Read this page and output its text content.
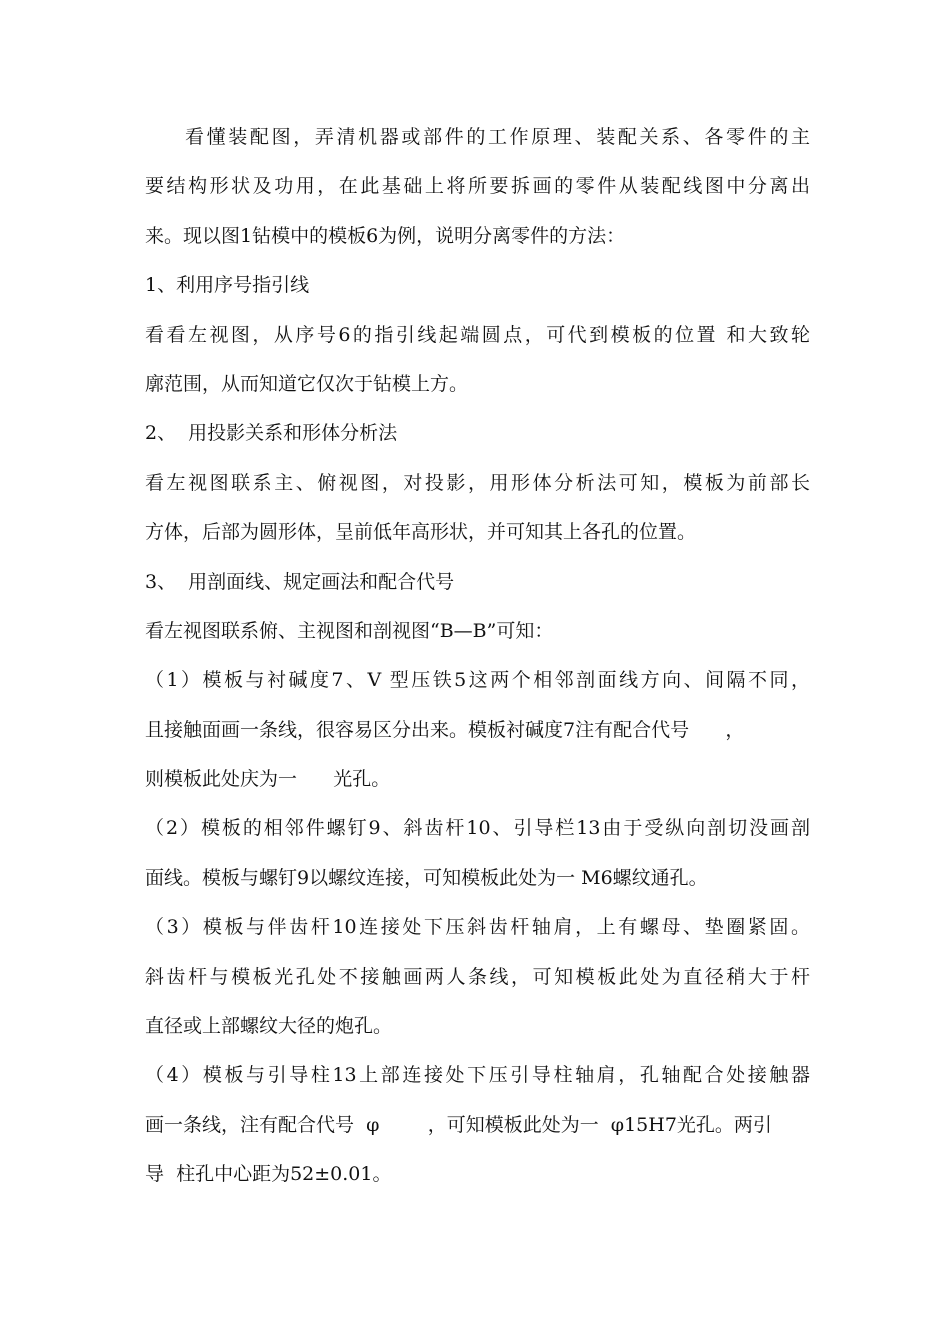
看懂装配图，弄清机器或部件的工作原理、装配关系、各零件的主
要结构形状及功用，在此基础上将所要拆画的零件从装配线图中分离出
来。现以图1钻模中的模板6为例，说明分离零件的方法：
1、利用序号指引线
看看左视图，从序号6的指引线起端圆点，可代到模板的位置 和大致轮
廓范围，从而知道它仅次于钻模上方。
2、  用投影关系和形体分析法
看左视图联系主、俯视图，对投影，用形体分析法可知，模板为前部长
方体，后部为圆形体，呈前低年高形状，并可知其上各孔的位置。
3、  用剖面线、规定画法和配合代号
看左视图联系俯、主视图和剖视图“B—B”可知：
（1）模板与衬碱度7、V 型压铁5这两个相邻剖面线方向、间隔不同，
且接触面画一条线，很容易区分出来。模板衬碱度7注有配合代号      ，
则模板此处庆为一      光孔。
（2）模板的相邻件螺钉9、斜齿杆10、引导栏13由于受纵向剖切没画剖
面线。模板与螺钉9以螺纹连接，可知模板此处为一 M6螺纹通孔。
（3）模板与伴齿杆10连接处下压斜齿杆轴肩，上有螺母、垫圈紧固。
斜齿杆与模板光孔处不接触画两人条线，可知模板此处为直径稍大于杆
直径或上部螺纹大径的炮孔。
（4）模板与引导柱13上部连接处下压引导柱轴肩，孔轴配合处接触器
画一条线，注有配合代号  φ        ，可知模板此处为一  φ15H7光孔。两引
导  柱孔中心距为52±0.01。
